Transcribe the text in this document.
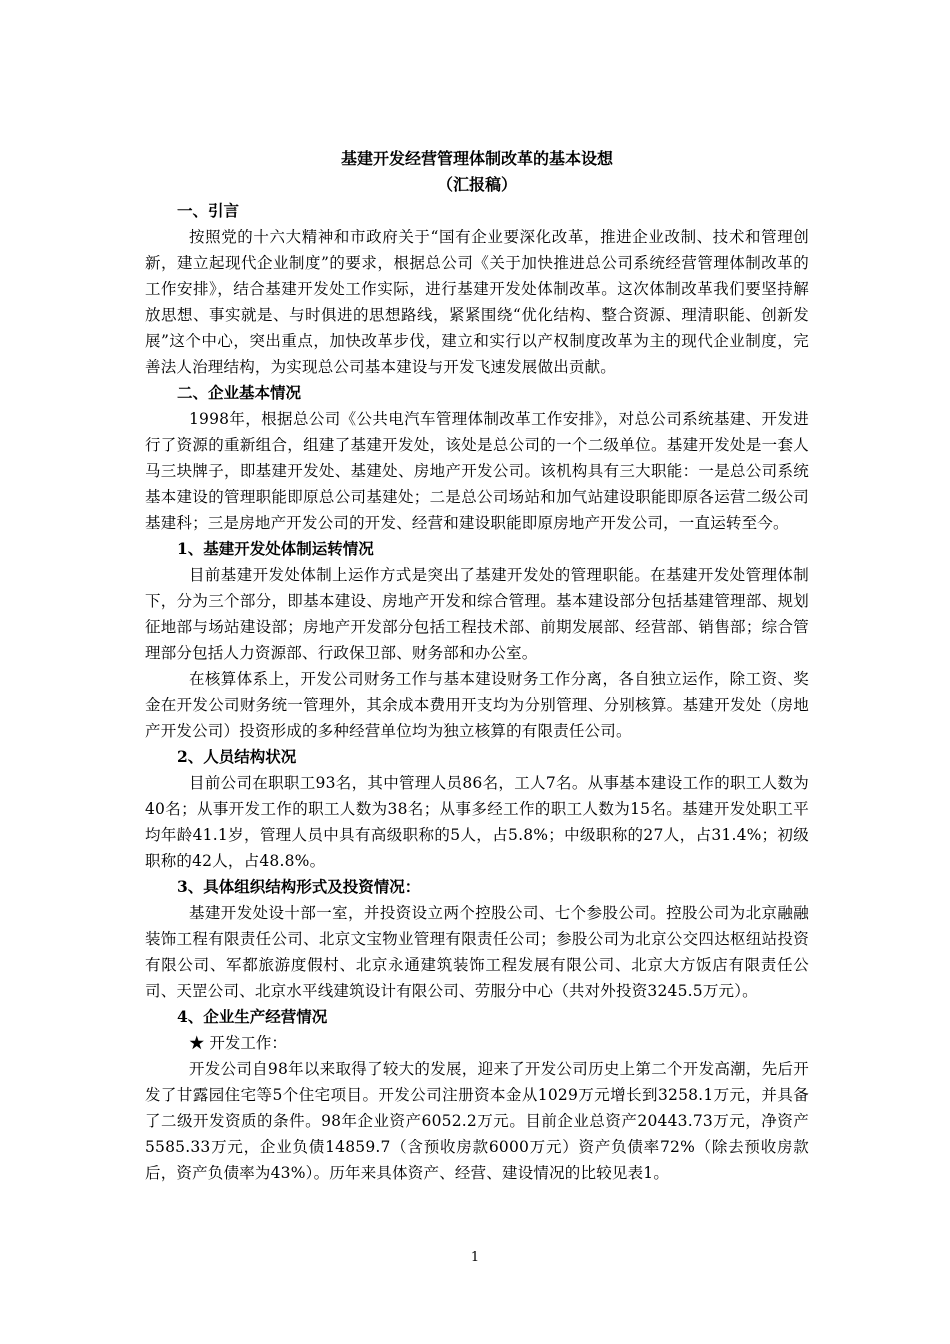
基建开发经营管理体制改革的基本设想

（汇报稿）

一、引言

按照党的十六大精神和市政府关于“国有企业要深化改革，推进企业改制、技术和管理创新，建立起现代企业制度”的要求，根据总公司《关于加快推进总公司系统经营管理体制改革的工作安排》，结合基建开发处工作实际，进行基建开发处体制改革。这次体制改革我们要坚持解放思想、事实就是、与时俱进的思想路线，紧紧围绕“优化结构、整合资源、理清职能、创新发展”这个中心，突出重点，加快改革步伐，建立和实行以产权制度改革为主的现代企业制度，完善法人治理结构，为实现总公司基本建设与开发飞速发展做出贡献。

二、企业基本情况

1998年，根据总公司《公共电汽车管理体制改革工作安排》，对总公司系统基建、开发进行了资源的重新组合，组建了基建开发处，该处是总公司的一个二级单位。基建开发处是一套人马三块牌子，即基建开发处、基建处、房地产开发公司。该机构具有三大职能：一是总公司系统基本建设的管理职能即原总公司基建处；二是总公司场站和加气站建设职能即原各运营二级公司基建科；三是房地产开发公司的开发、经营和建设职能即原房地产开发公司，一直运转至今。

1、基建开发处体制运转情况

目前基建开发处体制上运作方式是突出了基建开发处的管理职能。在基建开发处管理体制下，分为三个部分，即基本建设、房地产开发和综合管理。基本建设部分包括基建管理部、规划征地部与场站建设部；房地产开发部分包括工程技术部、前期发展部、经营部、销售部；综合管理部分包括人力资源部、行政保卫部、财务部和办公室。

在核算体系上，开发公司财务工作与基本建设财务工作分离，各自独立运作，除工资、奖金在开发公司财务统一管理外，其余成本费用开支均为分别管理、分别核算。基建开发处（房地产开发公司）投资形成的多种经营单位均为独立核算的有限责任公司。

2、人员结构状况

目前公司在职职工93名，其中管理人员86名，工人7名。从事基本建设工作的职工人数为40名；从事开发工作的职工人数为38名；从事多经工作的职工人数为15名。基建开发处职工平均年龄41.1岁，管理人员中具有高级职称的5人，占5.8%；中级职称的27人，占31.4%；初级职称的42人，占48.8%。

3、具体组织结构形式及投资情况：

基建开发处设十部一室，并投资设立两个控股公司、七个参股公司。控股公司为北京融融装饰工程有限责任公司、北京文宝物业管理有限责任公司；参股公司为北京公交四达枢纽站投资有限公司、军都旅游度假村、北京永通建筑装饰工程发展有限公司、北京大方饭店有限责任公司、天罡公司、北京水平线建筑设计有限公司、劳服分中心（共对外投资3245.5万元）。

4、企业生产经营情况

★ 开发工作：

开发公司自98年以来取得了较大的发展，迎来了开发公司历史上第二个开发高潮，先后开发了甘露园住宅等5个住宅项目。开发公司注册资本金从1029万元增长到3258.1万元，并具备了二级开发资质的条件。98年企业资产6052.2万元。目前企业总资产20443.73万元，净资产5585.33万元，企业负债14859.7（含预收房款6000万元）资产负债率72%（除去预收房款后，资产负债率为43%）。历年来具体资产、经营、建设情况的比较见表1。

1
